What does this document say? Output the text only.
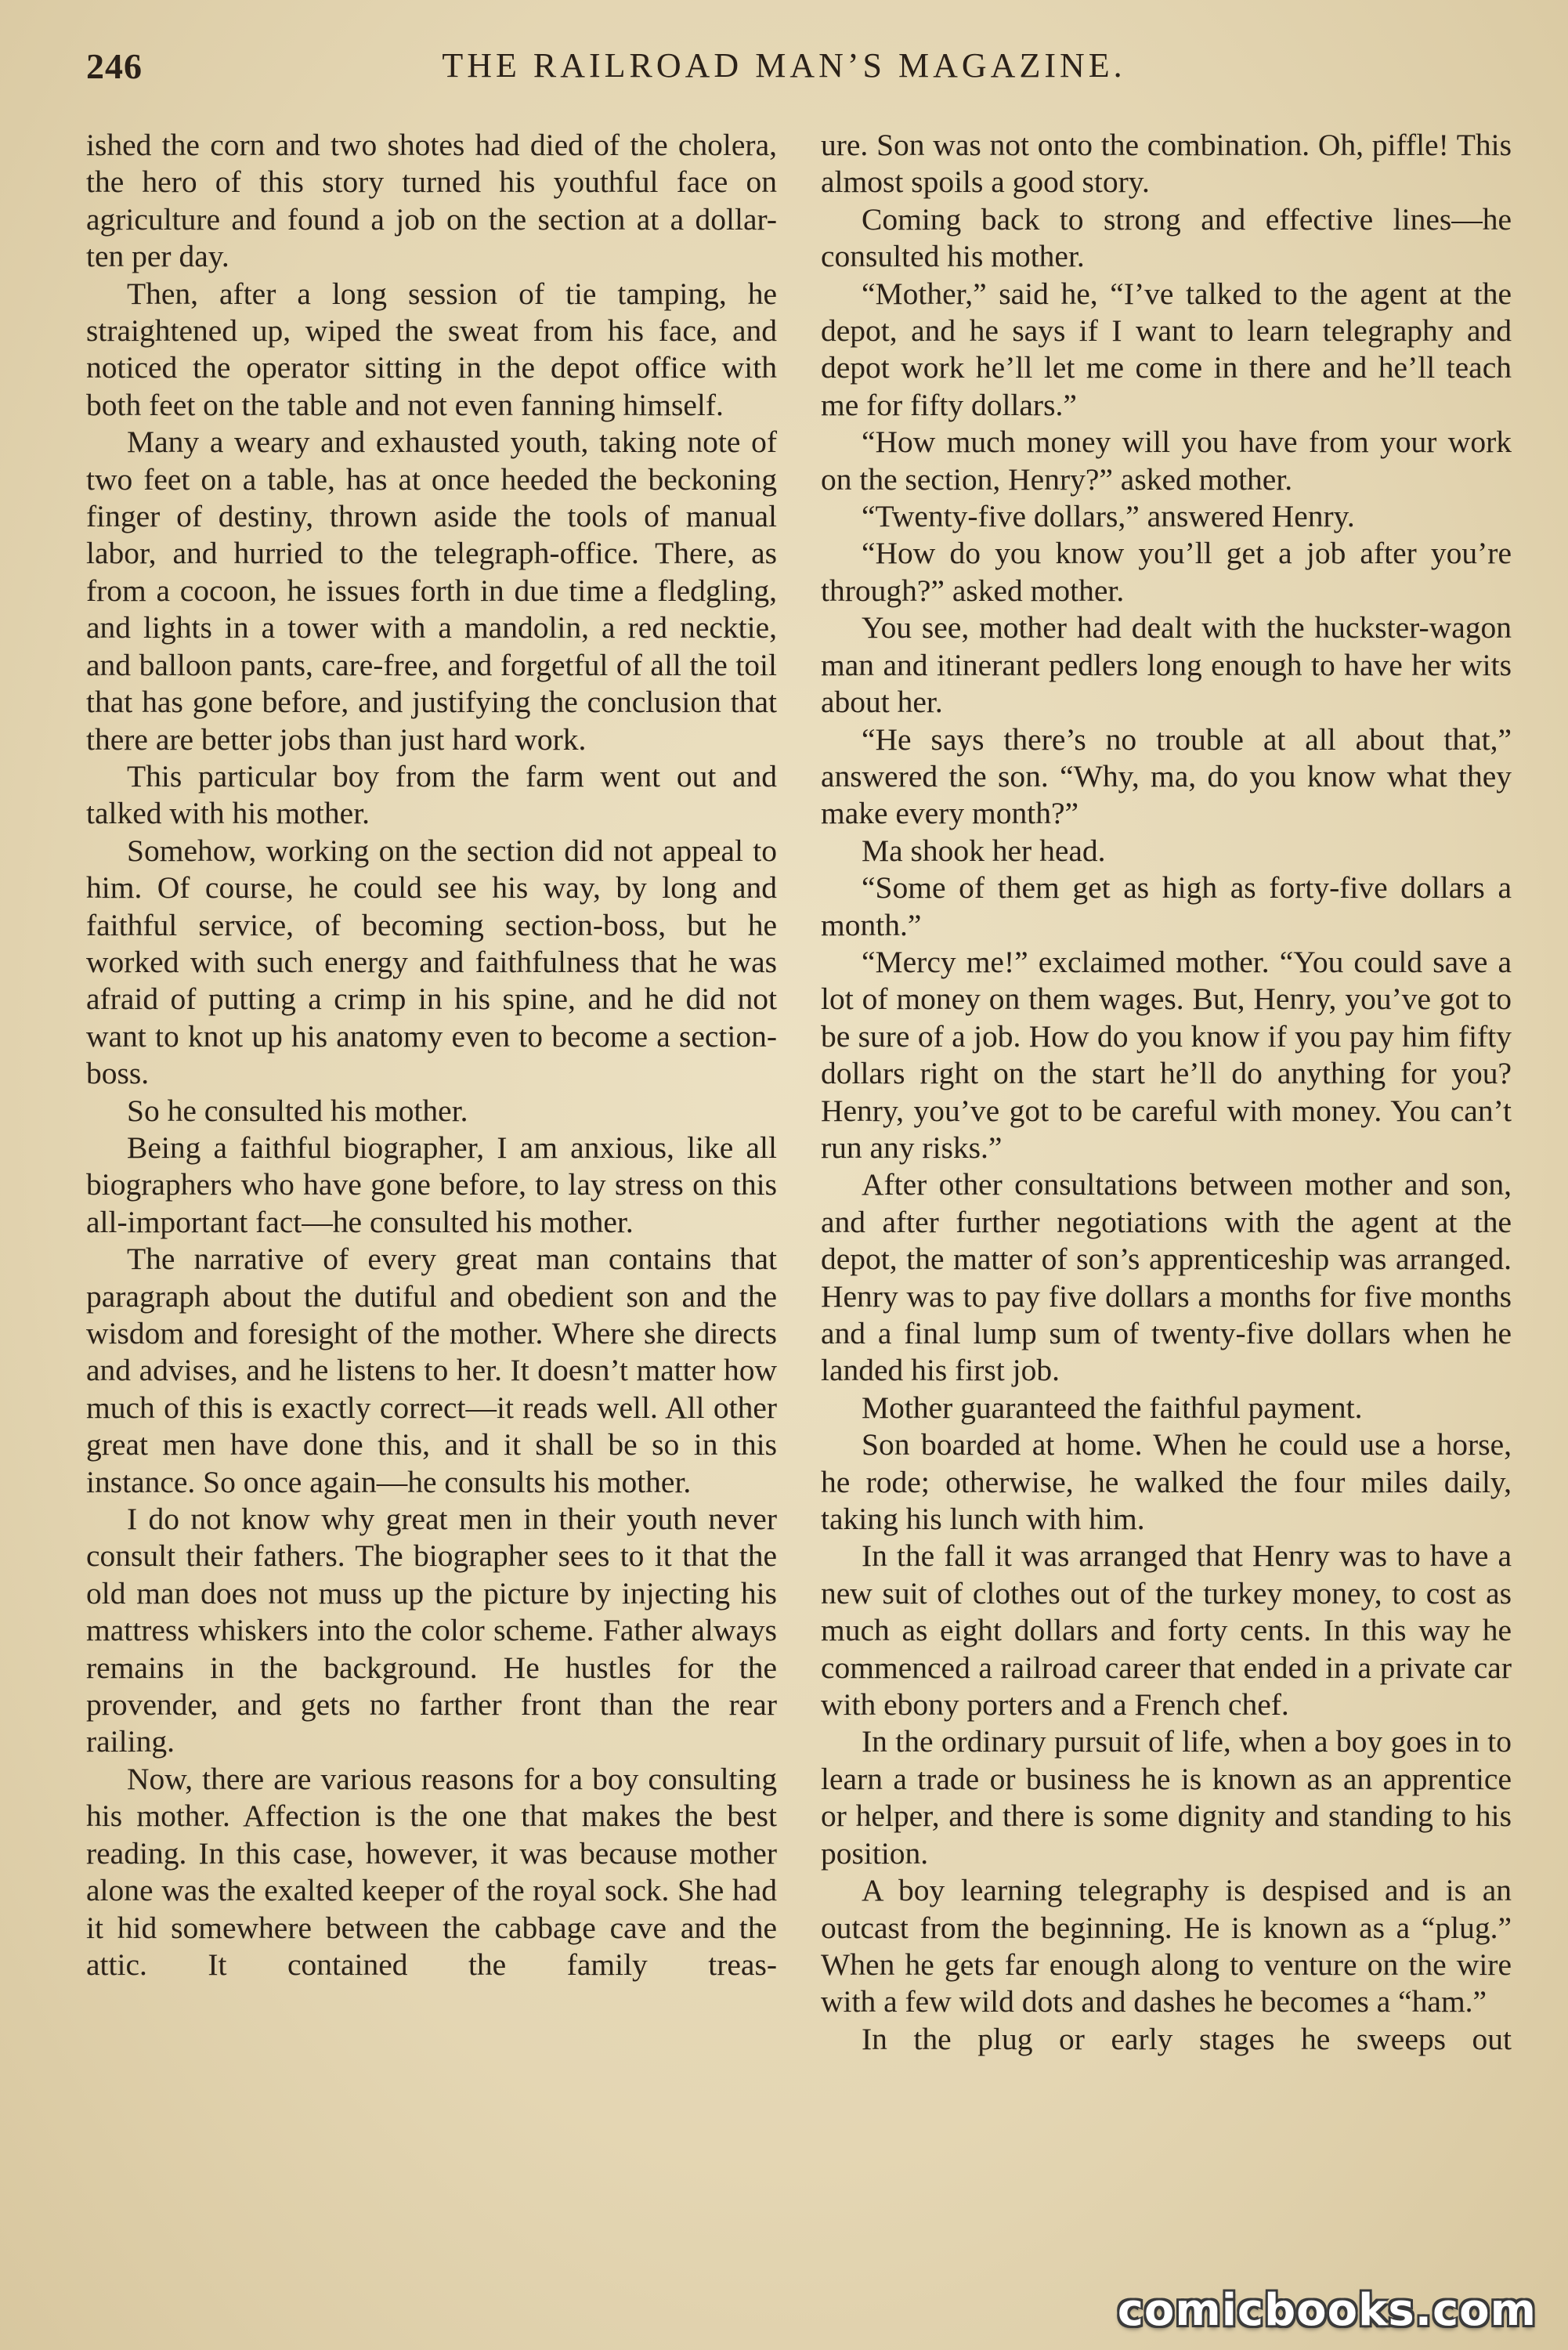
246	THE RAILROAD MAN’S MAGAZINE.

ished the corn and two shotes had died of the cholera, the hero of this story turned his youthful face on agriculture and found a job on the section at a dollar-ten per day.

Then, after a long session of tie tamping, he straightened up, wiped the sweat from his face, and noticed the operator sitting in the depot office with both feet on the table and not even fanning himself.

Many a weary and exhausted youth, taking note of two feet on a table, has at once heeded the beckoning finger of destiny, thrown aside the tools of manual labor, and hurried to the telegraph-office. There, as from a cocoon, he issues forth in due time a fledgling, and lights in a tower with a mandolin, a red necktie, and balloon pants, care-free, and forgetful of all the toil that has gone before, and justifying the conclusion that there are better jobs than just hard work.

This particular boy from the farm went out and talked with his mother.

Somehow, working on the section did not appeal to him. Of course, he could see his way, by long and faithful service, of becoming section-boss, but he worked with such energy and faithfulness that he was afraid of putting a crimp in his spine, and he did not want to knot up his anatomy even to become a section-boss.

So he consulted his mother.

Being a faithful biographer, I am anxious, like all biographers who have gone before, to lay stress on this all-important fact—he consulted his mother.

The narrative of every great man contains that paragraph about the dutiful and obedient son and the wisdom and foresight of the mother. Where she directs and advises, and he listens to her. It doesn’t matter how much of this is exactly correct—it reads well. All other great men have done this, and it shall be so in this instance. So once again—he consults his mother.

I do not know why great men in their youth never consult their fathers. The biographer sees to it that the old man does not muss up the picture by injecting his mattress whiskers into the color scheme. Father always remains in the background. He hustles for the provender, and gets no farther front than the rear railing.

Now, there are various reasons for a boy consulting his mother. Affection is the one that makes the best reading. In this case, however, it was because mother alone was the exalted keeper of the royal sock. She had it hid somewhere between the cabbage cave and the attic. It contained the family treas-

ure. Son was not onto the combination. Oh, piffle! This almost spoils a good story.

Coming back to strong and effective lines—he consulted his mother.

“Mother,” said he, “I’ve talked to the agent at the depot, and he says if I want to learn telegraphy and depot work he’ll let me come in there and he’ll teach me for fifty dollars.”

“How much money will you have from your work on the section, Henry?” asked mother.

“Twenty-five dollars,” answered Henry.

“How do you know you’ll get a job after you’re through?” asked mother.

You see, mother had dealt with the huckster-wagon man and itinerant pedlers long enough to have her wits about her.

“He says there’s no trouble at all about that,” answered the son. “Why, ma, do you know what they make every month?”

Ma shook her head.

“Some of them get as high as forty-five dollars a month.”

“Mercy me!” exclaimed mother. “You could save a lot of money on them wages. But, Henry, you’ve got to be sure of a job. How do you know if you pay him fifty dollars right on the start he’ll do anything for you? Henry, you’ve got to be careful with money. You can’t run any risks.”

After other consultations between mother and son, and after further negotiations with the agent at the depot, the matter of son’s apprenticeship was arranged. Henry was to pay five dollars a months for five months and a final lump sum of twenty-five dollars when he landed his first job.

Mother guaranteed the faithful payment.

Son boarded at home. When he could use a horse, he rode; otherwise, he walked the four miles daily, taking his lunch with him.

In the fall it was arranged that Henry was to have a new suit of clothes out of the turkey money, to cost as much as eight dollars and forty cents. In this way he commenced a railroad career that ended in a private car with ebony porters and a French chef.

In the ordinary pursuit of life, when a boy goes in to learn a trade or business he is known as an apprentice or helper, and there is some dignity and standing to his position.

A boy learning telegraphy is despised and is an outcast from the beginning. He is known as a “plug.” When he gets far enough along to venture on the wire with a few wild dots and dashes he becomes a “ham.”

In the plug or early stages he sweeps out

comicbooks.com
